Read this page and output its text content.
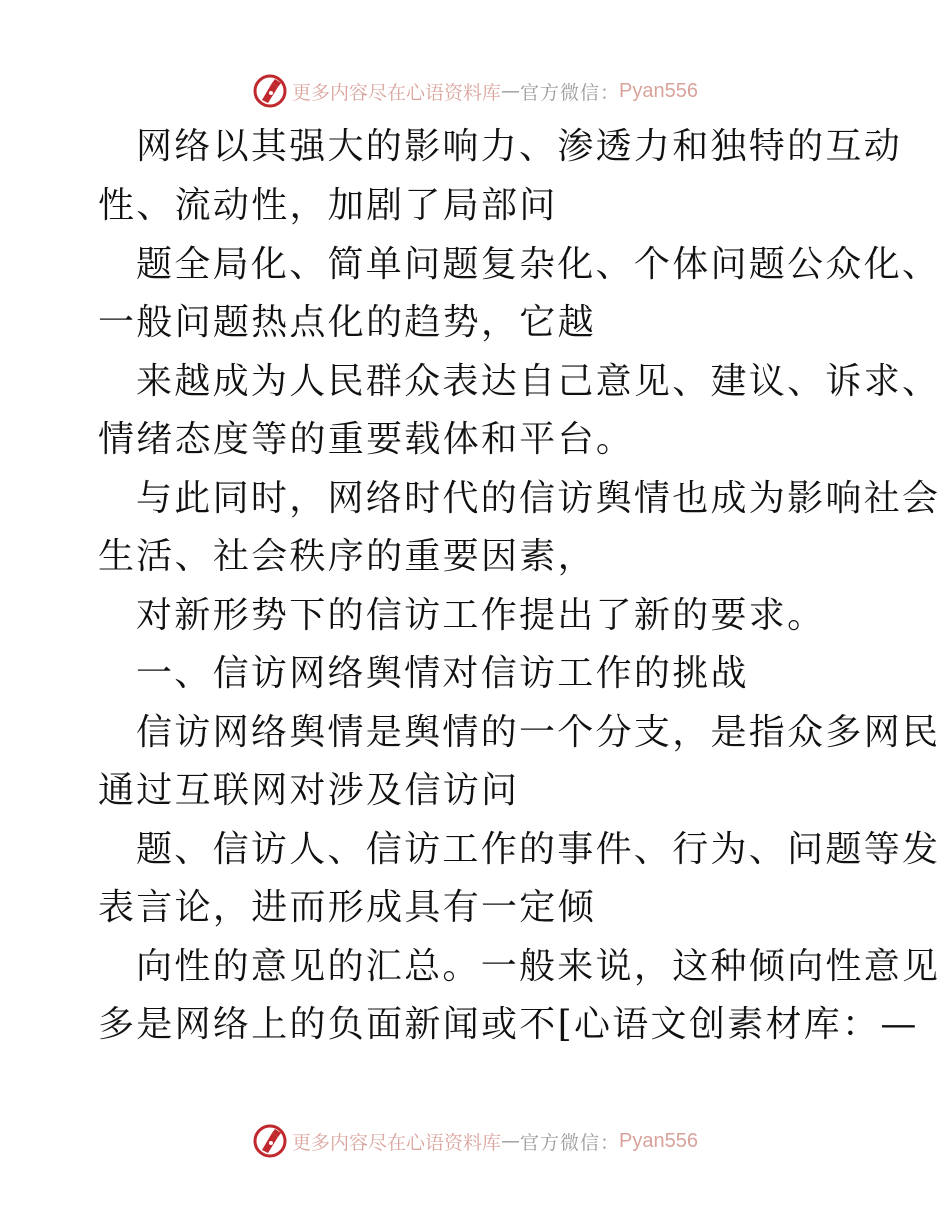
更多内容尽在心语资料库 — 官方微信 ： Pyan556
网络以其强大的影响力、渗透力和独特的互动
性、流动性，加剧了局部问
题全局化、简单问题复杂化、个体问题公众化、
一般问题热点化的趋势，它越
来越成为人民群众表达自己意见、建议、诉求、
情绪态度等的重要载体和平台。
与此同时，网络时代的信访舆情也成为影响社会
生活、社会秩序的重要因素，
对新形势下的信访工作提出了新的要求。
一、信访网络舆情对信访工作的挑战
信访网络舆情是舆情的一个分支，是指众多网民
通过互联网对涉及信访问
题、信访人、信访工作的事件、行为、问题等发
表言论，进而形成具有一定倾
向性的意见的汇总。一般来说，这种倾向性意见
多是网络上的负面新闻或不[心语文创素材库：—
更多内容尽在心语资料库 — 官方微信 ： Pyan556
